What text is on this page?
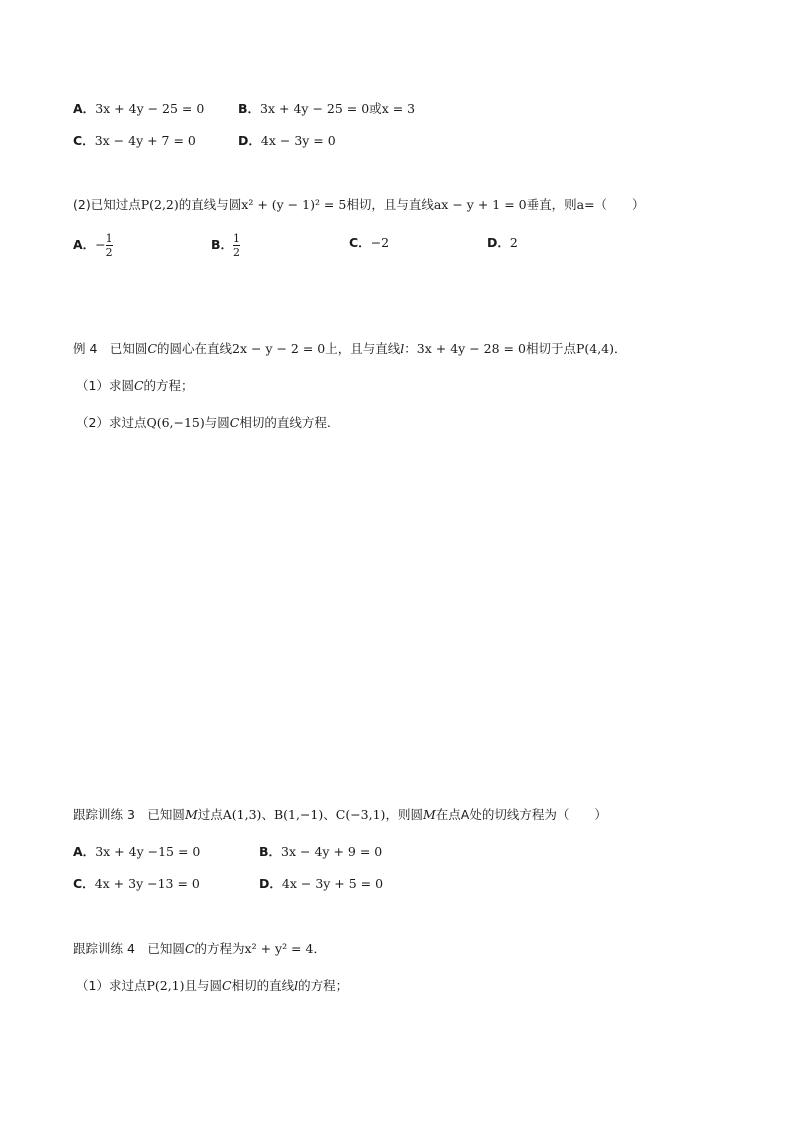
A．3x + 4y − 25 = 0	B．3x + 4y − 25 = 0或x = 3
C．3x − 4y + 7 = 0	D．4x − 3y = 0
(2)已知过点P(2,2)的直线与圆x² + (y − 1)² = 5相切，且与直线ax − y + 1 = 0垂直，则a=（　　）
A．− $\frac{1}{2}$	B． $\frac{1}{2}$	C．−2	D．2
例 4　已知圆C的圆心在直线2x − y − 2 = 0上，且与直线l：3x + 4y − 28 = 0相切于点P(4,4)．
（1）求圆C的方程；
（2）求过点Q(6,−15)与圆C相切的直线方程.
跟踪训练 3　已知圆M过点A(1,3)、B(1,−1)、C(−3,1)，则圆M在点A处的切线方程为（　　）
A．3x + 4y −15 = 0	B．3x − 4y + 9 = 0
C．4x + 3y −13 = 0	D．4x − 3y + 5 = 0
跟踪训练 4　已知圆C的方程为x² + y² = 4．
（1）求过点P(2,1)且与圆C相切的直线l的方程；
